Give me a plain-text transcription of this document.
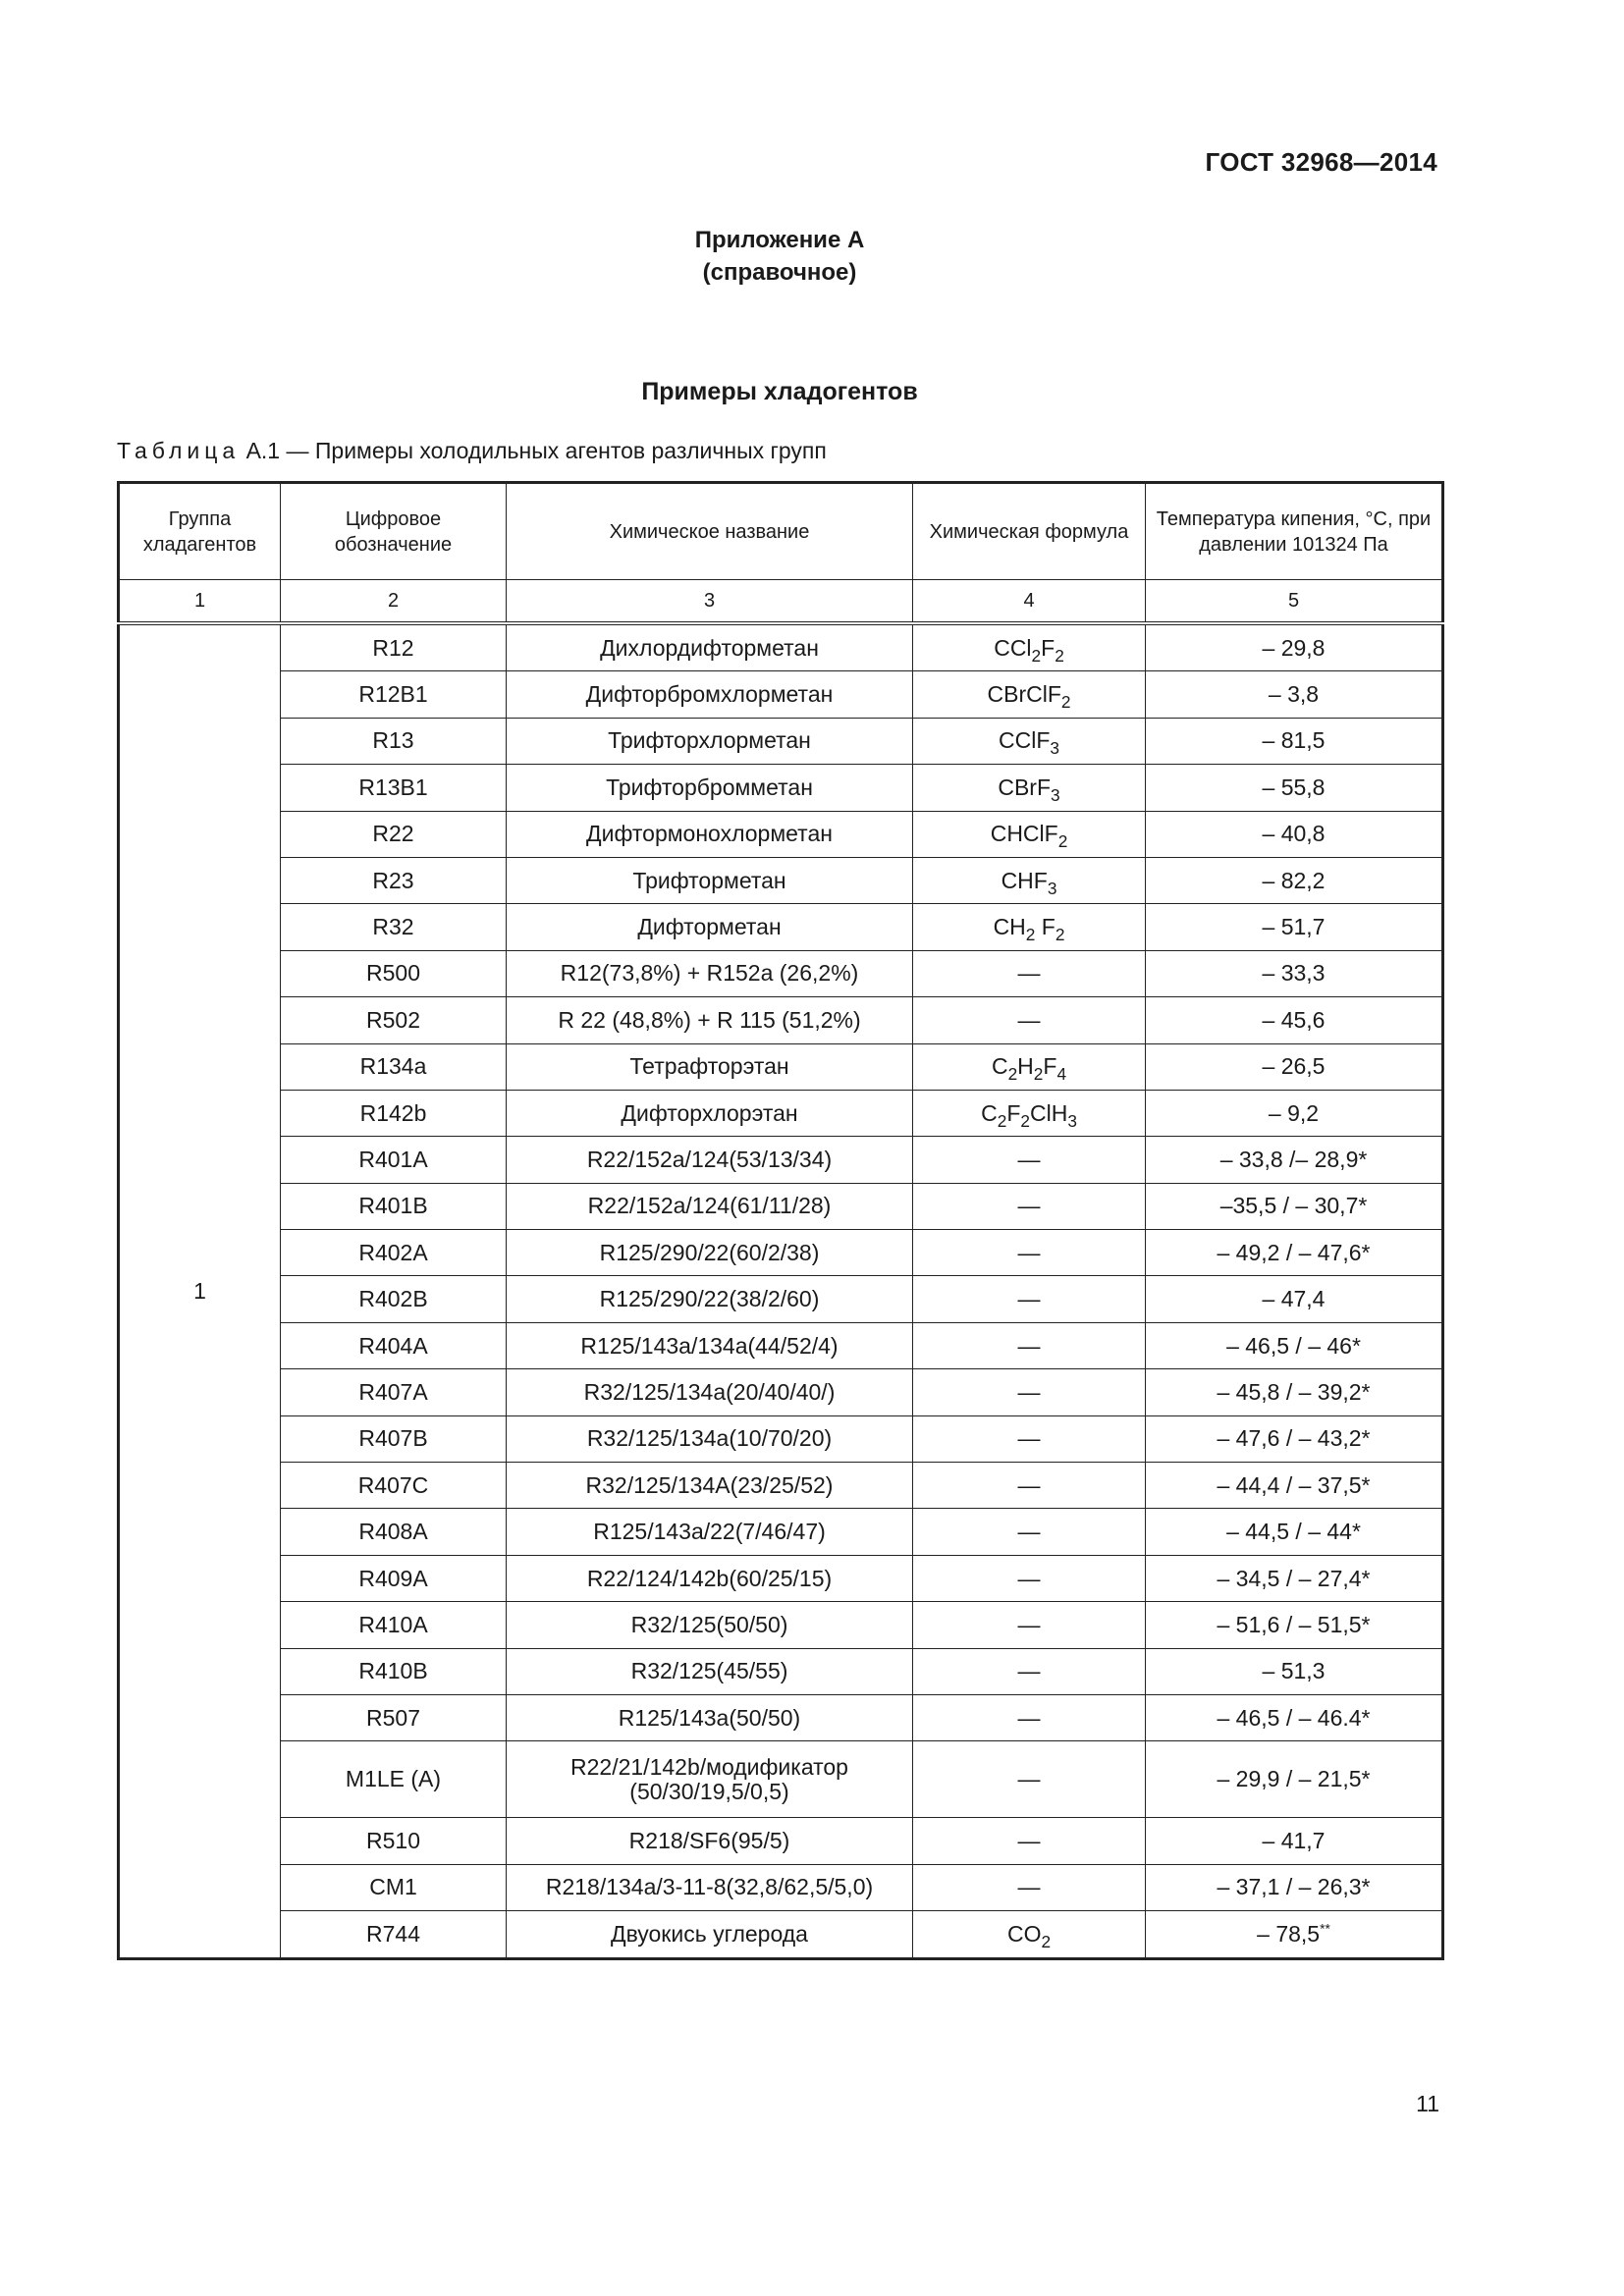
ГОСТ 32968—2014
Приложение А
(справочное)
Примеры хладогентов
Таблица А.1 — Примеры холодильных агентов различных групп
Группа хладагентов	Цифровое обозначение	Химическое название	Химическая формула	Температура кипения, °С, при давлении 101324 Па
1	2	3	4	5
1	R12	Дихлордифторметан	$CCl_2F_2$	– 29,8
	R12B1	Дифторбромхлорметан	CBrClF$_2$	– 3,8
	R13	Трифторхлорметан	CClF$_3$	– 81,5
	R13B1	Трифторбромметан	CBrF$_3$	– 55,8
	R22	Дифтормонохлорметан	CHClF$_2$	– 40,8
	R23	Трифторметан	$CHF_3$	– 82,2
	R32	Дифторметан	$CH_2$ $F_2$	– 51,7
	R500	R12(73,8%) + R152a (26,2%)	—	– 33,3
	R502	R 22 (48,8%) + R 115 (51,2%)	—	– 45,6
	R134a	Тетрафторэтан	$C_2H_2F_4$	– 26,5
	R142b	Дифторхлорэтан	$C_2F_2ClH_3$	– 9,2
	R401A	R22/152a/124(53/13/34)	—	– 33,8 /– 28,9*
	R401B	R22/152a/124(61/11/28)	—	–35,5 / – 30,7*
	R402A	R125/290/22(60/2/38)	—	– 49,2 / – 47,6*
	R402B	R125/290/22(38/2/60)	—	– 47,4
	R404A	R125/143a/134a(44/52/4)	—	– 46,5 / – 46*
	R407A	R32/125/134a(20/40/40/)	—	– 45,8 / – 39,2*
	R407B	R32/125/134a(10/70/20)	—	– 47,6 / – 43,2*
	R407C	R32/125/134A(23/25/52)	—	– 44,4 / – 37,5*
	R408A	R125/143a/22(7/46/47)	—	– 44,5 / – 44*
	R409A	R22/124/142b(60/25/15)	—	– 34,5 / – 27,4*
	R410A	R32/125(50/50)	—	– 51,6 / – 51,5*
	R410B	R32/125(45/55)	—	– 51,3
	R507	R125/143a(50/50)	—	– 46,5 / – 46.4*
	M1LE (A)	R22/21/142b/модификатор (50/30/19,5/0,5)	—	– 29,9 / – 21,5*
	R510	R218/SF6(95/5)	—	– 41,7
	CM1	R218/134a/3-11-8(32,8/62,5/5,0)	—	– 37,1 / – 26,3*
	R744	Двуокись углерода	$CO_2$	– 78,5**
11
